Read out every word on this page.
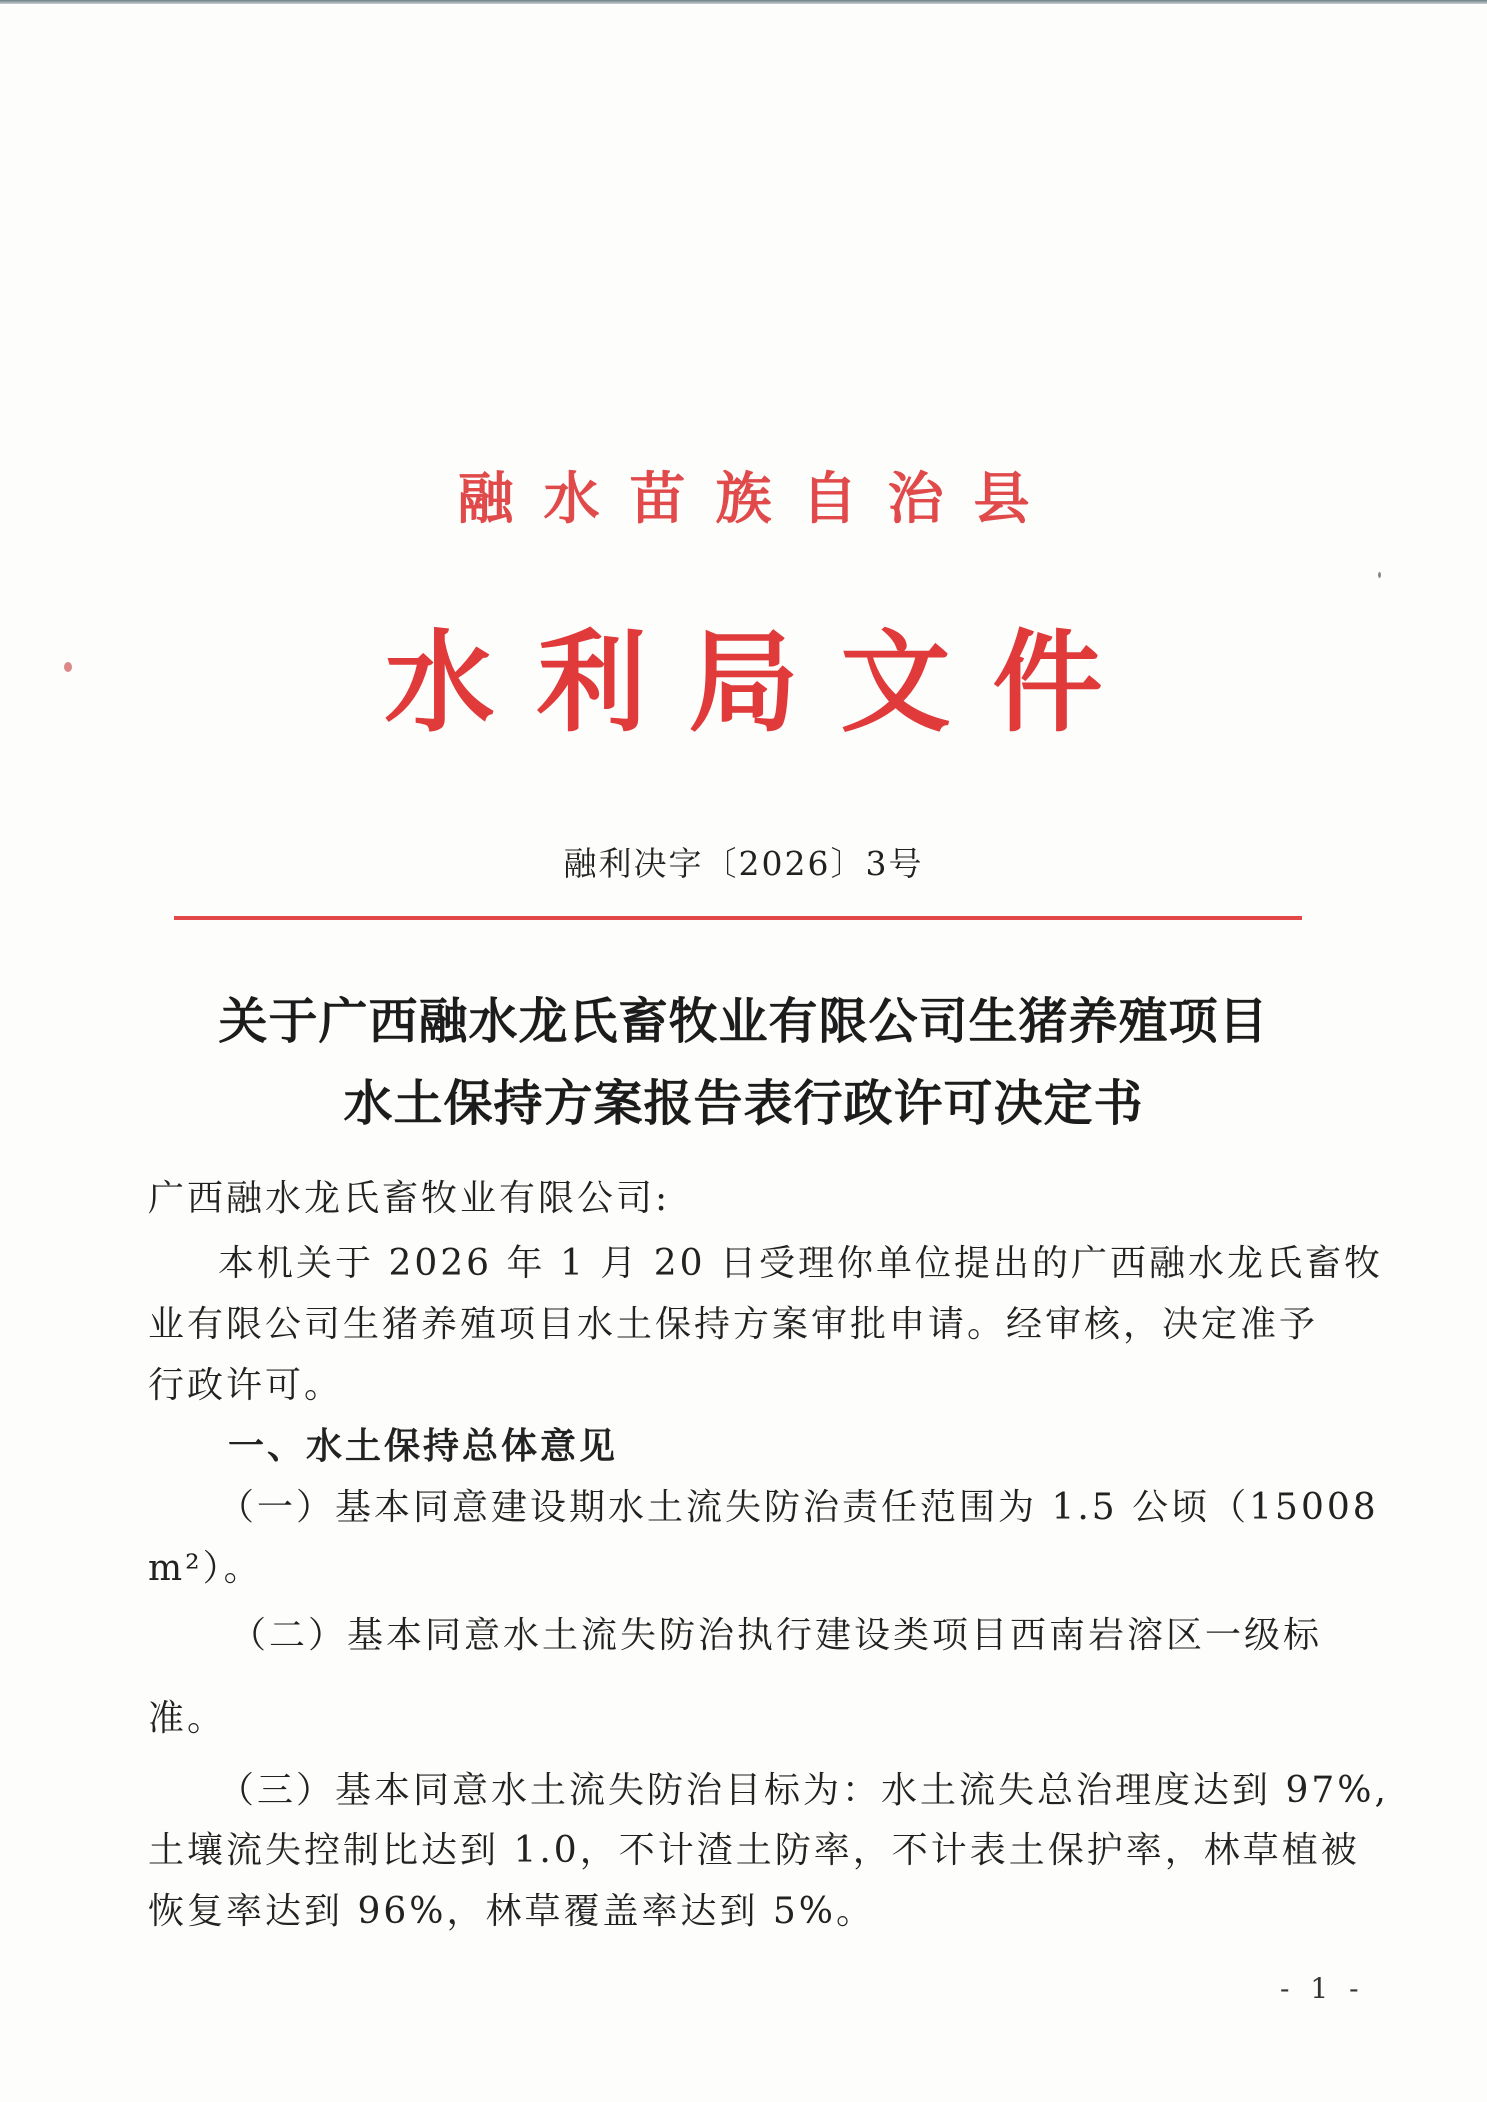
融水苗族自治县
水利局文件
融利决字〔2026〕3号
关于广西融水龙氏畜牧业有限公司生猪养殖项目
水土保持方案报告表行政许可决定书
广西融水龙氏畜牧业有限公司:
本机关于 2026 年 1 月 20 日受理你单位提出的广西融水龙氏畜牧
业有限公司生猪养殖项目水土保持方案审批申请。经审核，决定准予
行政许可。
一、水土保持总体意见
（一）基本同意建设期水土流失防治责任范围为 1.5 公顷（15008
m²）。
（二）基本同意水土流失防治执行建设类项目西南岩溶区一级标
准。
（三）基本同意水土流失防治目标为：水土流失总治理度达到 97%,
土壤流失控制比达到 1.0，不计渣土防率，不计表土保护率，林草植被
恢复率达到 96%，林草覆盖率达到 5%。
- 1 -
